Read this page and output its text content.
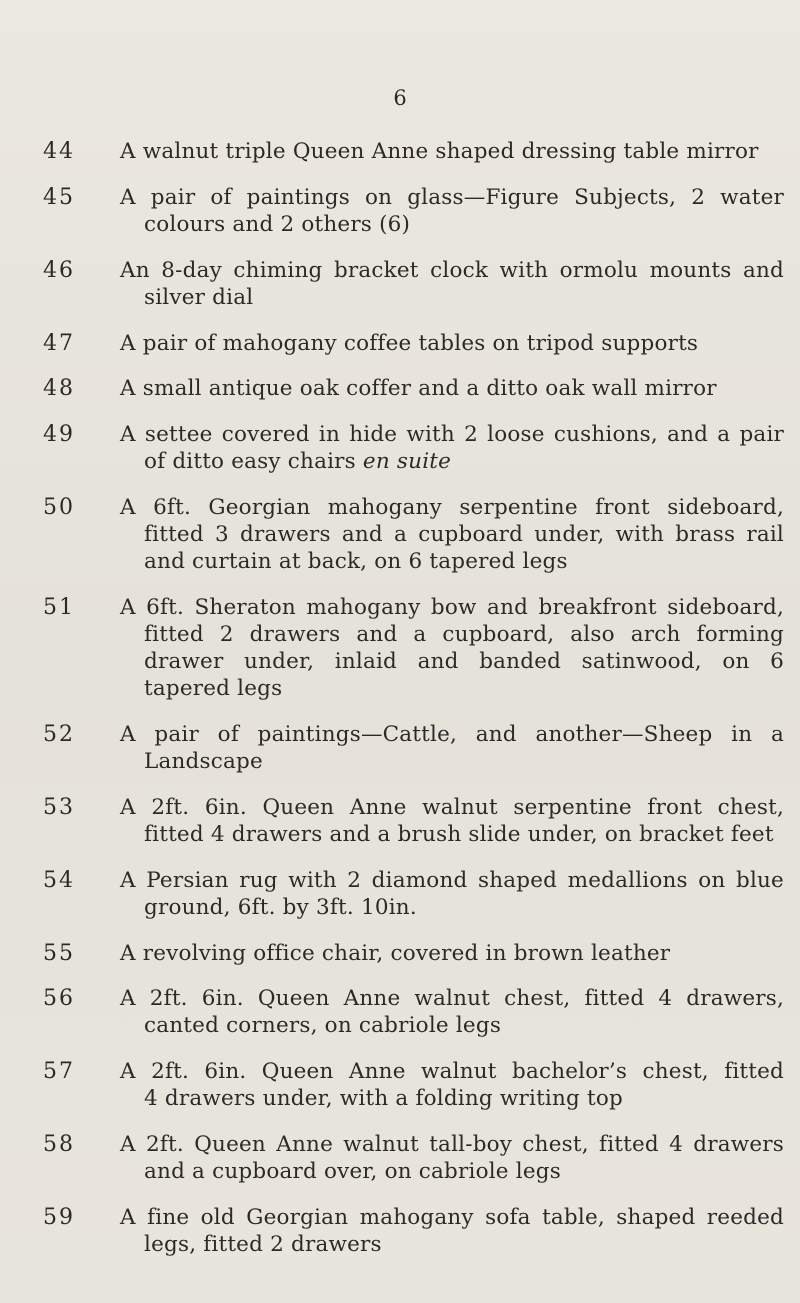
6
44 A walnut triple Queen Anne shaped dressing table mirror
45 A pair of paintings on glass—Figure Subjects, 2 water
colours and 2 others (6)
46 An 8-day chiming bracket clock with ormolu mounts and
silver dial
47 A pair of mahogany coffee tables on tripod supports
48 A small antique oak coffer and a ditto oak wall mirror
49 A settee covered in hide with 2 loose cushions, and a pair
of ditto easy chairs en suite
50 A 6ft. Georgian mahogany serpentine front sideboard,
fitted 3 drawers and a cupboard under, with brass rail
and curtain at back, on 6 tapered legs
51 A 6ft. Sheraton mahogany bow and breakfront sideboard,
fitted 2 drawers and a cupboard, also arch forming
drawer under, inlaid and banded satinwood, on 6
tapered legs
52 A pair of paintings—Cattle, and another—Sheep in a
Landscape
53 A 2ft. 6in. Queen Anne walnut serpentine front chest,
fitted 4 drawers and a brush slide under, on bracket feet
54 A Persian rug with 2 diamond shaped medallions on blue
ground, 6ft. by 3ft. 10in.
55 A revolving office chair, covered in brown leather
56 A 2ft. 6in. Queen Anne walnut chest, fitted 4 drawers,
canted corners, on cabriole legs
57 A 2ft. 6in. Queen Anne walnut bachelor’s chest, fitted
4 drawers under, with a folding writing top
58 A 2ft. Queen Anne walnut tall-boy chest, fitted 4 drawers
and a cupboard over, on cabriole legs
59 A fine old Georgian mahogany sofa table, shaped reeded
legs, fitted 2 drawers
